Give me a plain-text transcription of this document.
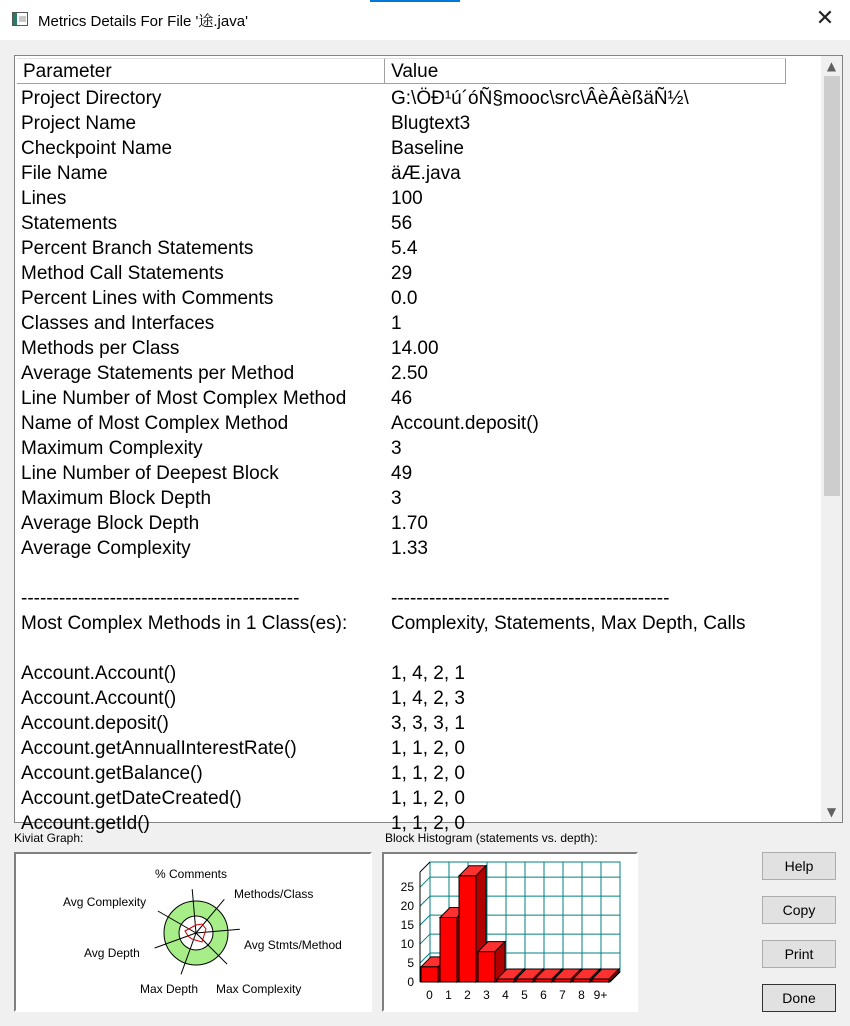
Metrics Details For File '途.java'	✕
Parameter	Value
Project Directory	G:\ÖÐ¹ú´óÑ§mooc\src\ÂèÂèßäÑ½\
Project Name	Blugtext3
Checkpoint Name	Baseline
File Name	äÆ.java
Lines	100
Statements	56
Percent Branch Statements	5.4
Method Call Statements	29
Percent Lines with Comments	0.0
Classes and Interfaces	1
Methods per Class	14.00
Average Statements per Method	2.50
Line Number of Most Complex Method	46
Name of Most Complex Method	Account.deposit()
Maximum Complexity	3
Line Number of Deepest Block	49
Maximum Block Depth	3
Average Block Depth	1.70
Average Complexity	1.33
--------------------------------------------	--------------------------------------------
Most Complex Methods in 1 Class(es):	Complexity, Statements, Max Depth, Calls
Account.Account()	1, 4, 2, 1
Account.Account()	1, 4, 2, 3
Account.deposit()	3, 3, 3, 1
Account.getAnnualInterestRate()	1, 1, 2, 0
Account.getBalance()	1, 1, 2, 0
Account.getDateCreated()	1, 1, 2, 0
Account.getId()	1, 1, 2, 0
▲
▼
Kiviat Graph:	Block Histogram (statements vs. depth):
% Comments
Methods/Class
Avg Stmts/Method
Max Complexity
Max Depth
Avg Depth
Avg Complexity
0
5
10
15
20
25
0 1 2 3 4 5 6 7 8 9+
Help
Copy
Print
Done
